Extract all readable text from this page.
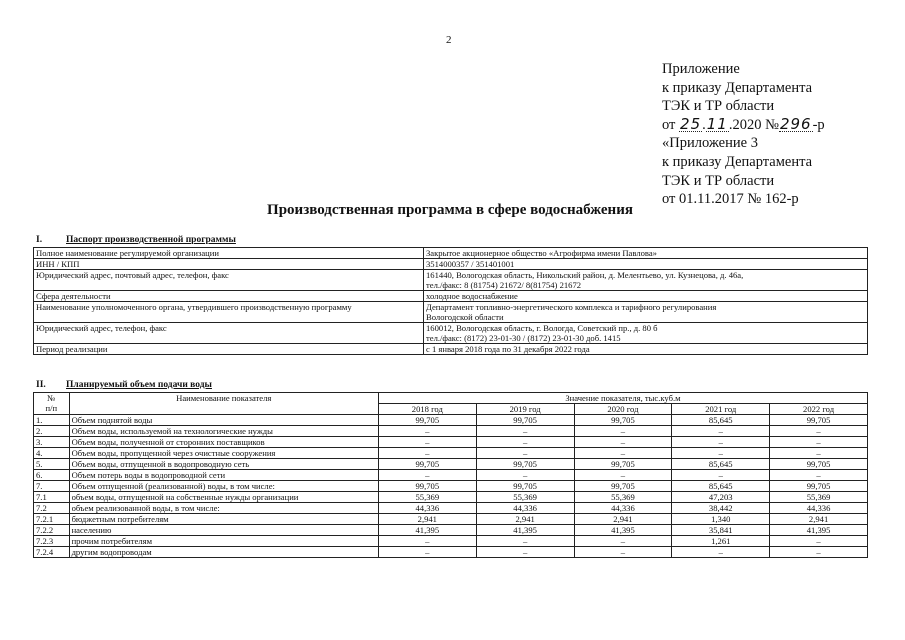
2
Приложение
к приказу Департамента
ТЭК и ТР области
от 25.11.2020 №296-р
«Приложение 3
к приказу Департамента
ТЭК и ТР области
от 01.11.2017 № 162-р
Производственная программа в сфере водоснабжения
I.	Паспорт производственной программы
Полное наименование регулируемой организации	Закрытое акционерное общество «Агрофирма имени Павлова»

ИНН / КПП	3514000357 / 351401001

Юридический адрес, почтовый адрес, телефон, факс	161440, Вологодская область, Никольский район, д. Мелентьево, ул. Кузнецова, д. 46а,
тел./факс: 8 (81754) 21672/ 8(81754) 21672

Сфера деятельности	холодное водоснабжение

Наименование уполномоченного органа, утвердившего производственную программу	Департамент топливно-энергетического комплекса и тарифного регулирования
Вологодской области

Юридический адрес, телефон, факс	160012, Вологодская область, г. Вологда, Советский пр., д. 80 б
тел./факс: (8172) 23-01-30 / (8172) 23-01-30 доб. 1415

Период реализации	с 1 января 2018 года по 31 декабря 2022 года
II. Планируемый объем подачи воды
№
п/п	Наименование показателя	Значение показателя, тыс.куб.м				
		2018 год	2019 год	2020 год	2021 год	2022 год
1.	Объем поднятой воды	99,705	99,705	99,705	85,645	99,705
2.	Объем воды, используемой на технологические нужды	–	–	–	–	–
3.	Объем воды, полученной от сторонних поставщиков	–	–	–	–	–
4.	Объем воды, пропущенной через очистные сооружения	–	–	–	–	–
5.	Объем воды, отпущенной в водопроводную сеть	99,705	99,705	99,705	85,645	99,705
6.	Объем потерь воды в водопроводной сети	–	–	–	–	–
7.	Объем отпущенной (реализованной) воды, в том числе:	99,705	99,705	99,705	85,645	99,705
7.1	объем воды, отпущенной на собственные нужды организации	55,369	55,369	55,369	47,203	55,369
7.2	объем реализованной воды, в том числе:	44,336	44,336	44,336	38,442	44,336
7.2.1	бюджетным потребителям	2,941	2,941	2,941	1,340	2,941
7.2.2	населению	41,395	41,395	41,395	35,841	41,395
7.2.3	прочим потребителям	–	–	–	1,261	–
7.2.4	другим водопроводам	–	–	–	–	–
